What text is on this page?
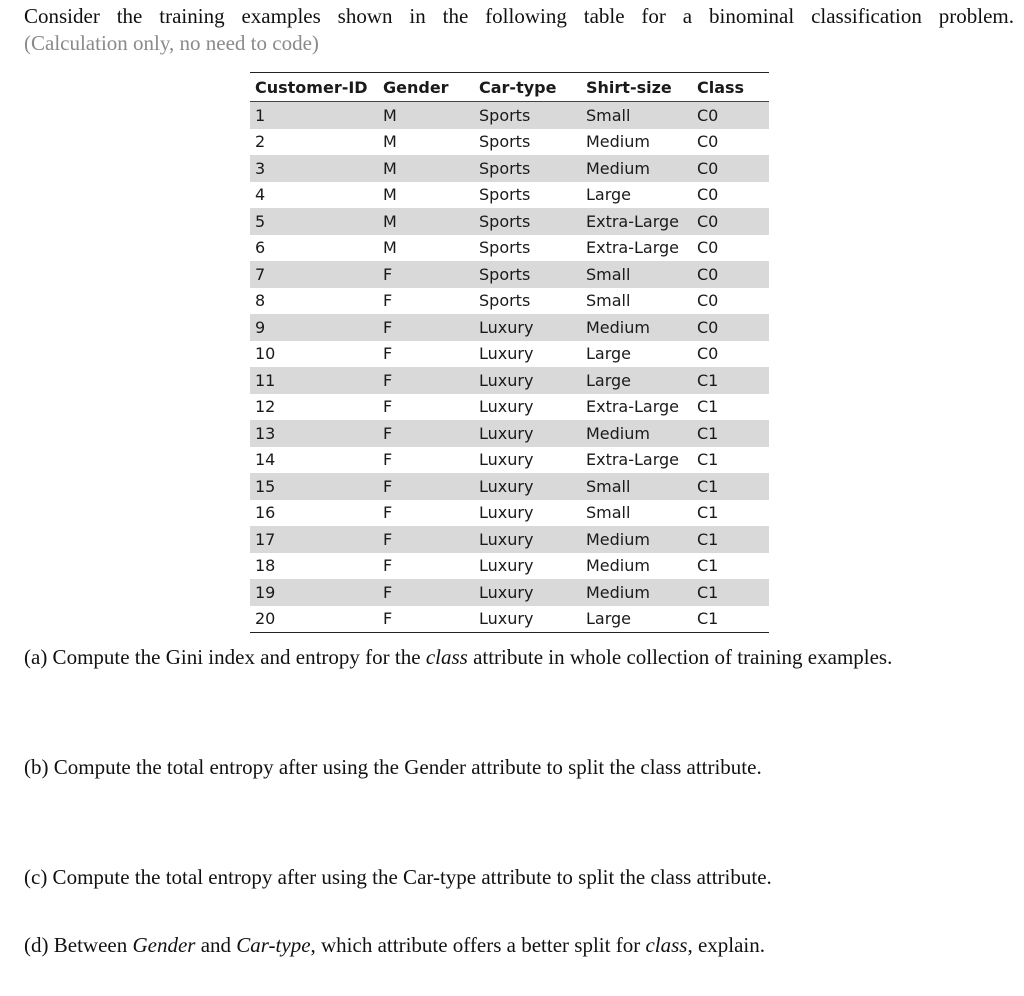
Consider the training examples shown in the following table for a binominal classification problem.

(Calculation only, no need to code)

Customer-ID	Gender	Car-type	Shirt-size	Class
1	M	Sports	Small	C0
2	M	Sports	Medium	C0
3	M	Sports	Medium	C0
4	M	Sports	Large	C0
5	M	Sports	Extra-Large	C0
6	M	Sports	Extra-Large	C0
7	F	Sports	Small	C0
8	F	Sports	Small	C0
9	F	Luxury	Medium	C0
10	F	Luxury	Large	C0
11	F	Luxury	Large	C1
12	F	Luxury	Extra-Large	C1
13	F	Luxury	Medium	C1
14	F	Luxury	Extra-Large	C1
15	F	Luxury	Small	C1
16	F	Luxury	Small	C1
17	F	Luxury	Medium	C1
18	F	Luxury	Medium	C1
19	F	Luxury	Medium	C1
20	F	Luxury	Large	C1

(a) Compute the Gini index and entropy for the class attribute in whole collection of training examples.

(b) Compute the total entropy after using the Gender attribute to split the class attribute.

(c) Compute the total entropy after using the Car-type attribute to split the class attribute.

(d) Between Gender and Car-type, which attribute offers a better split for class, explain.
